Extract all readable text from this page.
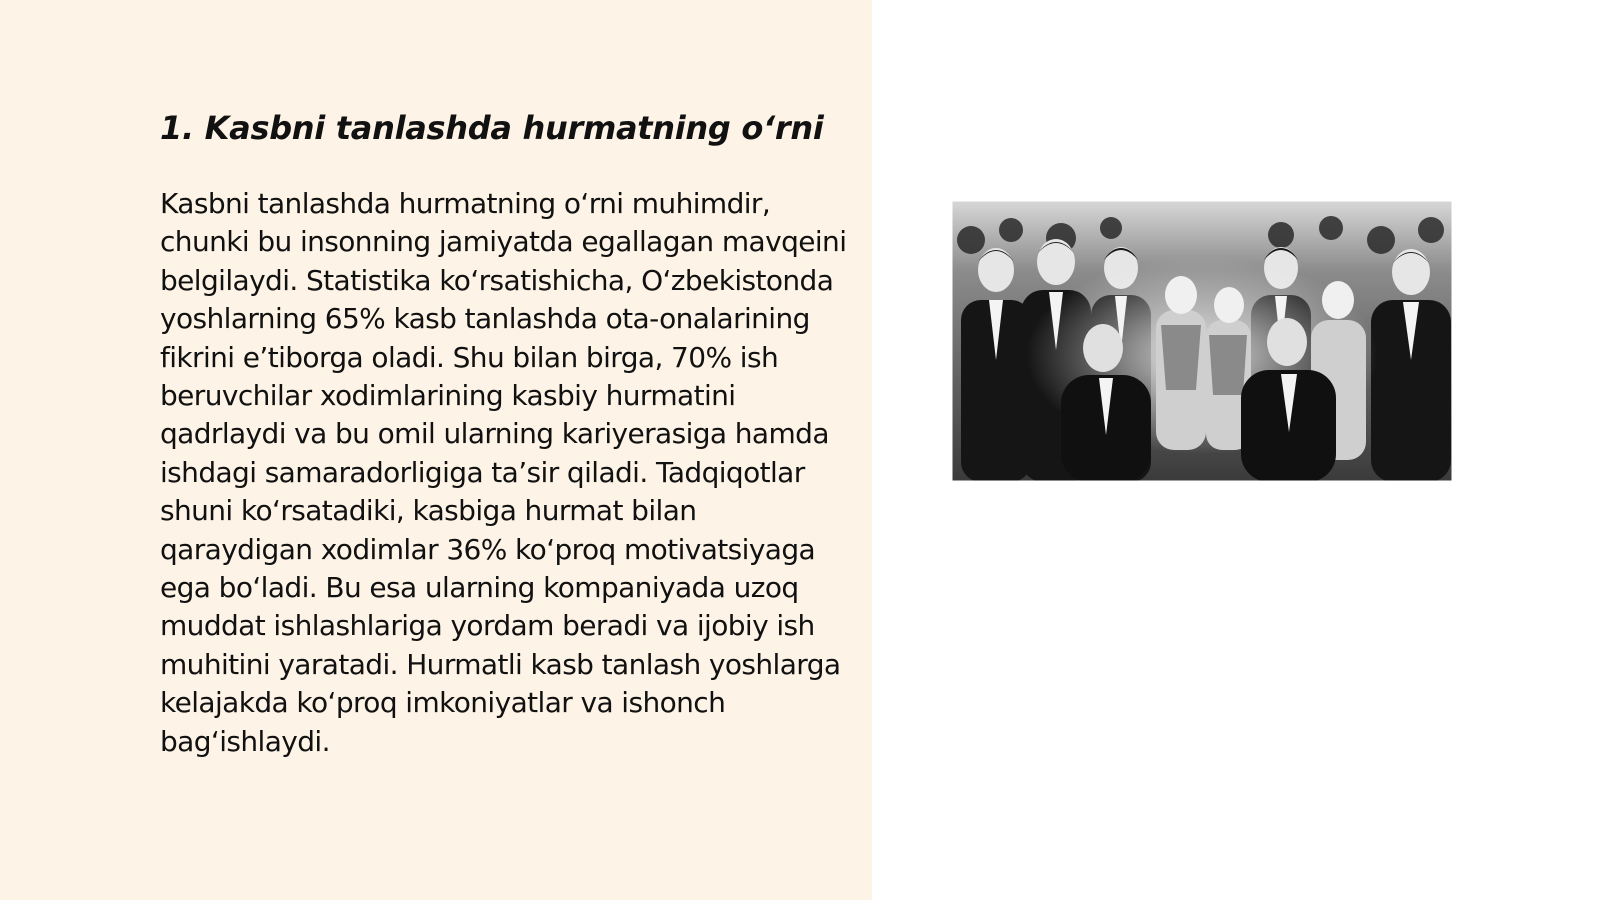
1. Kasbni tanlashda hurmatning o‘rni

Kasbni tanlashda hurmatning o‘rni muhimdir, chunki bu insonning jamiyatda egallagan mavqeini belgilaydi. Statistika ko‘rsatishicha, O‘zbekistonda yoshlarning 65% kasb tanlashda ota-onalarining fikrini e’tiborga oladi. Shu bilan birga, 70% ish beruvchilar xodimlarining kasbiy hurmatini qadrlaydi va bu omil ularning kariyerasiga hamda ishdagi samaradorligiga ta’sir qiladi. Tadqiqotlar shuni ko‘rsatadiki, kasbiga hurmat bilan qaraydigan xodimlar 36% ko‘proq motivatsiyaga ega bo‘ladi. Bu esa ularning kompaniyada uzoq muddat ishlashlariga yordam beradi va ijobiy ish muhitini yaratadi. Hurmatli kasb tanlash yoshlarga kelajakda ko‘proq imkoniyatlar va ishonch bag‘ishlaydi.
